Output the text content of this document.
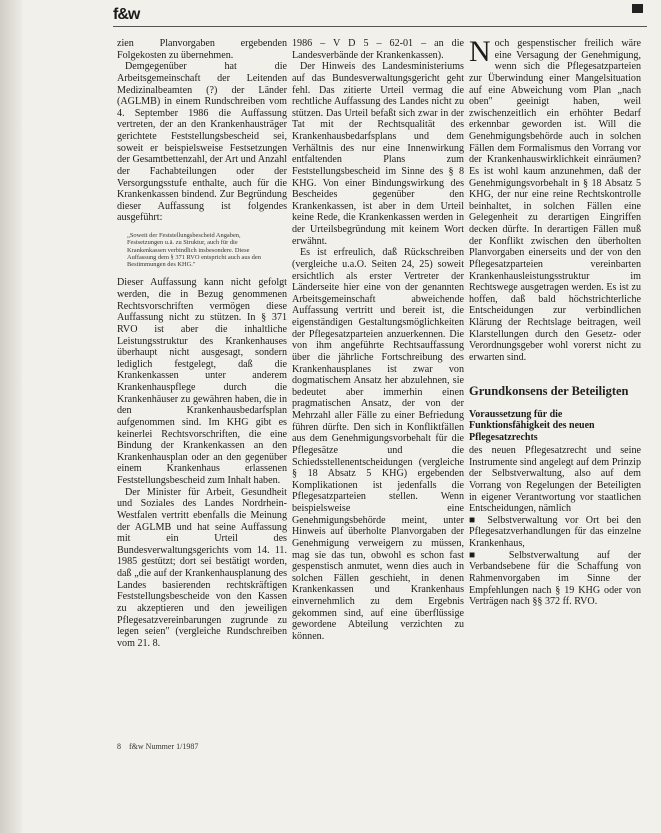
f&w

zien Planvorgaben ergebenden Folgekosten zu übernehmen.

Demgegenüber hat die Arbeitsgemeinschaft der Leitenden Medizinalbeamten (?) der Länder (AGLMB) in einem Rundschreiben vom 4. September 1986 die Auffassung vertreten, der an den Krankenhausträger gerichtete Feststellungsbescheid sei, soweit er beispielsweise Festsetzungen der Gesamtbettenzahl, der Art und Anzahl der Fachabteilungen oder der Versorgungsstufe enthalte, auch für die Krankenkassen bindend. Zur Begründung dieser Auffassung ist folgendes ausgeführt:

„Soweit der Feststellungsbescheid Angaben, Festsetzungen u.ä. zu Struktur, auch für die Krankenkassen verbindlich insbesondere. Diese Auffassung dem § 371 RVO entspricht auch aus den Bestimmungen des KHG."

Dieser Auffassung kann nicht gefolgt werden, die in Bezug genommenen Rechtsvorschriften vermögen diese Auffassung nicht zu stützen. In § 371 RVO ist aber die inhaltliche Leistungsstruktur des Krankenhauses überhaupt nicht ausgesagt, sondern lediglich festgelegt, daß die Krankenkassen unter anderem Krankenhauspflege durch die Krankenhäuser zu gewähren haben, die in den Krankenhausbedarfsplan aufgenommen sind. Im KHG gibt es keinerlei Rechtsvorschriften, die eine Bindung der Krankenkassen an den Krankenhausplan oder an den gegenüber einem Krankenhaus erlassenen Feststellungsbescheid zum Inhalt haben.

Der Minister für Arbeit, Gesundheit und Soziales des Landes Nordrhein-Westfalen vertritt ebenfalls die Meinung der AGLMB und hat seine Auffassung mit ein Urteil des Bundesverwaltungsgerichts vom 14. 11. 1985 gestützt; dort sei bestätigt worden, daß „die auf der Krankenhausplanung des Landes basierenden rechtskräftigen Feststellungsbescheide von den Kassen zu akzeptieren und den jeweiligen Pflegesatzvereinbarungen zugrunde zu legen seien" (vergleiche Rundschreiben vom 21. 8.

1986 – V D 5 – 62-01 – an die Landesverbände der Krankenkassen).

Der Hinweis des Landesministeriums auf das Bundesverwaltungsgericht geht fehl. Das zitierte Urteil vermag die rechtliche Auffassung des Landes nicht zu stützen. Das Urteil befaßt sich zwar in der Tat mit der Rechtsqualität des Krankenhausbedarfsplans und dem Verhältnis des nur eine Innenwirkung entfaltenden Plans zum Feststellungsbescheid im Sinne des § 8 KHG. Von einer Bindungswirkung des Bescheides gegenüber den Krankenkassen, ist aber in dem Urteil keine Rede, die Krankenkassen werden in der Urteilsbegründung mit keinem Wort erwähnt.

Es ist erfreulich, daß Rückschreiben (vergleiche u.a.O. Seiten 24, 25) soweit ersichtlich als erster Vertreter der Länderseite hier eine von der genannten Arbeitsgemeinschaft abweichende Auffassung vertritt und bereit ist, die eigenständigen Gestaltungsmöglichkeiten der Pflegesatzparteien anzuerkennen. Die von ihm angeführte Rechtsauffassung über die jährliche Fortschreibung des Krankenhausplanes ist zwar von dogmatischem Ansatz her abzulehnen, sie bedeutet aber immerhin einen pragmatischen Ansatz, der von der Mehrzahl aller Fälle zu einer Befriedung führen dürfte. Den sich in Konfliktfällen aus dem Genehmigungsvorbehalt für die Pflegesätze und die Schiedsstellenentscheidungen (vergleiche § 18 Absatz 5 KHG) ergebenden Komplikationen ist jedenfalls die Pflegesatzparteien stellen. Wenn beispielsweise eine Genehmigungsbehörde meint, unter Hinweis auf überholte Planvorgaben der Genehmigung verweigern zu müssen, mag sie das tun, obwohl es schon fast gespenstisch anmutet, wenn dies auch in solchen Fällen geschieht, in denen Krankenkassen und Krankenhaus einvernehmlich zu dem Ergebnis gekommen sind, auf eine überflüssige gewordene Abteilung verzichten zu können.

Noch gespenstischer freilich wäre eine Versagung der Genehmigung, wenn sich die Pflegesatzparteien zur Überwindung einer Mangelsituation auf eine Abweichung vom Plan „nach oben" geeinigt haben, weil zwischenzeitlich ein erhöhter Bedarf erkennbar geworden ist. Will die Genehmigungsbehörde auch in solchen Fällen dem Formalismus den Vorrang vor der Krankenhauswirklichkeit einräumen? Es ist wohl kaum anzunehmen, daß der Genehmigungsvorbehalt in § 18 Absatz 5 KHG, der nur eine reine Rechtskontrolle beinhaltet, in solchen Fällen eine Gelegenheit zu derartigen Eingriffen decken dürfte. In derartigen Fällen muß der Konflikt zwischen den überholten Planvorgaben einerseits und der von den Pflegesatzparteien vereinbarten Krankenhausleistungsstruktur im Rechtswege ausgetragen werden. Es ist zu hoffen, daß bald höchstrichterliche Entscheidungen zur verbindlichen Klärung der Rechtslage beitragen, weil Klarstellungen durch den Gesetz- oder Verordnungsgeber wohl vorerst nicht zu erwarten sind.

Grundkonsens der Beteiligten

Voraussetzung für die Funktionsfähigkeit des neuen Pflegesatzrechts

des neuen Pflegesatzrecht und seine Instrumente sind angelegt auf dem Prinzip der Selbstverwaltung, also auf dem Vorrang von Regelungen der Beteiligten in eigener Verantwortung vor staatlichen Entscheidungen, nämlich

■ Selbstverwaltung vor Ort bei den Pflegesatzverhandlungen für das einzelne Krankenhaus,

■ Selbstverwaltung auf der Verbandsebene für die Schaffung von Rahmenvorgaben im Sinne der Empfehlungen nach § 19 KHG oder von Verträgen nach §§ 372 ff. RVO.

8 f&w Nummer 1/1987
